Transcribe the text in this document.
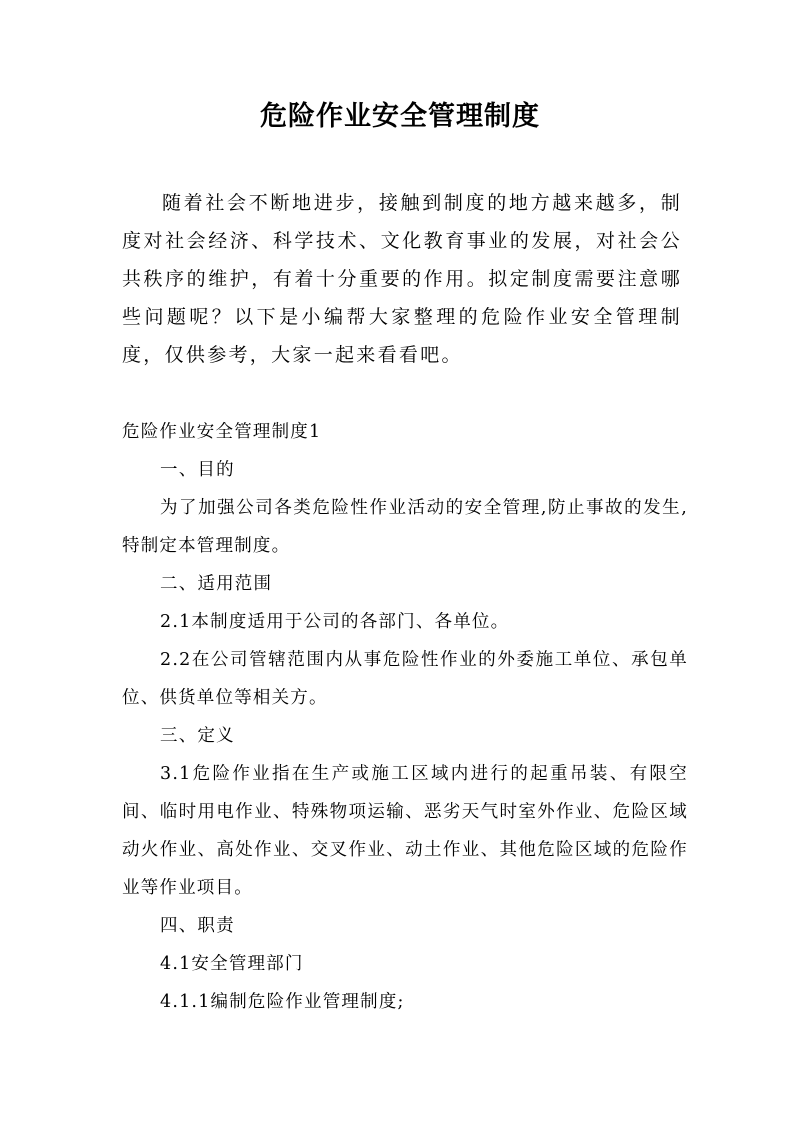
危险作业安全管理制度

随着社会不断地进步，接触到制度的地方越来越多，制度对社会经济、科学技术、文化教育事业的发展，对社会公共秩序的维护，有着十分重要的作用。拟定制度需要注意哪些问题呢？以下是小编帮大家整理的危险作业安全管理制度，仅供参考，大家一起来看看吧。

危险作业安全管理制度1

一、目的

为了加强公司各类危险性作业活动的安全管理,防止事故的发生,特制定本管理制度。

二、适用范围

2.1本制度适用于公司的各部门、各单位。

2.2在公司管辖范围内从事危险性作业的外委施工单位、承包单位、供货单位等相关方。

三、定义

3.1危险作业指在生产或施工区域内进行的起重吊装、有限空间、临时用电作业、特殊物项运输、恶劣天气时室外作业、危险区域动火作业、高处作业、交叉作业、动土作业、其他危险区域的危险作业等作业项目。

四、职责

4.1安全管理部门

4.1.1编制危险作业管理制度;
